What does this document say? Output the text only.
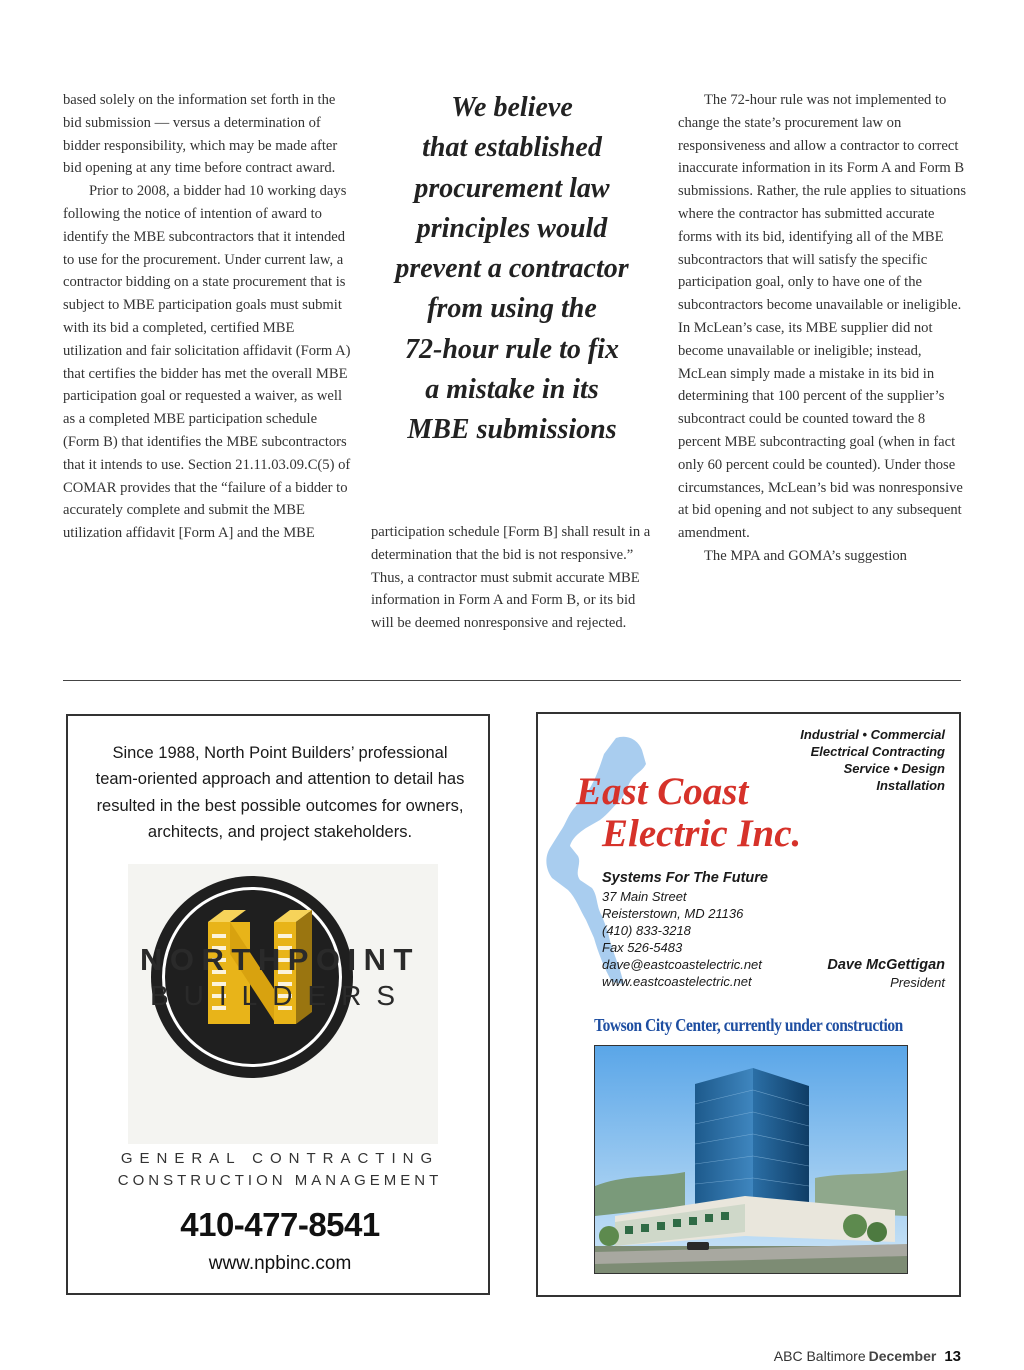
based solely on the information set forth in the bid submission — versus a determination of bidder responsibility, which may be made after bid opening at any time before contract award.

Prior to 2008, a bidder had 10 working days following the notice of intention of award to identify the MBE subcontractors that it intended to use for the procurement. Under current law, a contractor bidding on a state procurement that is subject to MBE participation goals must submit with its bid a completed, certified MBE utilization and fair solicitation affidavit (Form A) that certifies the bidder has met the overall MBE participation goal or requested a waiver, as well as a completed MBE participation schedule (Form B) that identifies the MBE subcontractors that it intends to use. Section 21.11.03.09.C(5) of COMAR provides that the “failure of a bidder to accurately complete and submit the MBE utilization affidavit [Form A] and the MBE

We believe
that established
procurement law
principles would
prevent a contractor
from using the
72-hour rule to fix
a mistake in its
MBE submissions

participation schedule [Form B] shall result in a determination that the bid is not responsive.” Thus, a contractor must submit accurate MBE information in Form A and Form B, or its bid will be deemed nonresponsive and rejected.

The 72-hour rule was not implemented to change the state’s procurement law on responsiveness and allow a contractor to correct inaccurate information in its Form A and Form B submissions. Rather, the rule applies to situations where the contractor has submitted accurate forms with its bid, identifying all of the MBE subcontractors that will satisfy the specific participation goal, only to have one of the subcontractors become unavailable or ineligible. In McLean’s case, its MBE supplier did not become unavailable or ineligible; instead, McLean simply made a mistake in its bid in determining that 100 percent of the supplier’s subcontract could be counted toward the 8 percent MBE subcontracting goal (when in fact only 60 percent could be counted). Under those circumstances, McLean’s bid was nonresponsive at bid opening and not subject to any subsequent amendment.

The MPA and GOMA’s suggestion

Since 1988, North Point Builders’ professional
team-oriented approach and attention to detail has
resulted in the best possible outcomes for owners,
architects, and project stakeholders.
NORTHPOINT
BUILDERS
GENERAL CONTRACTING
CONSTRUCTION MANAGEMENT
410-477-8541
www.npbinc.com
Industrial • Commercial
Electrical Contracting
Service • Design
Installation
East Coast
Electric Inc.
Systems For The Future
37 Main Street
Reisterstown, MD 21136
(410) 833-3218
Fax 526-5483
dave@eastcoastelectric.net
www.eastcoastelectric.net
Dave McGettigan
President
Towson City Center, currently under construction
ABC Baltimore December 13
